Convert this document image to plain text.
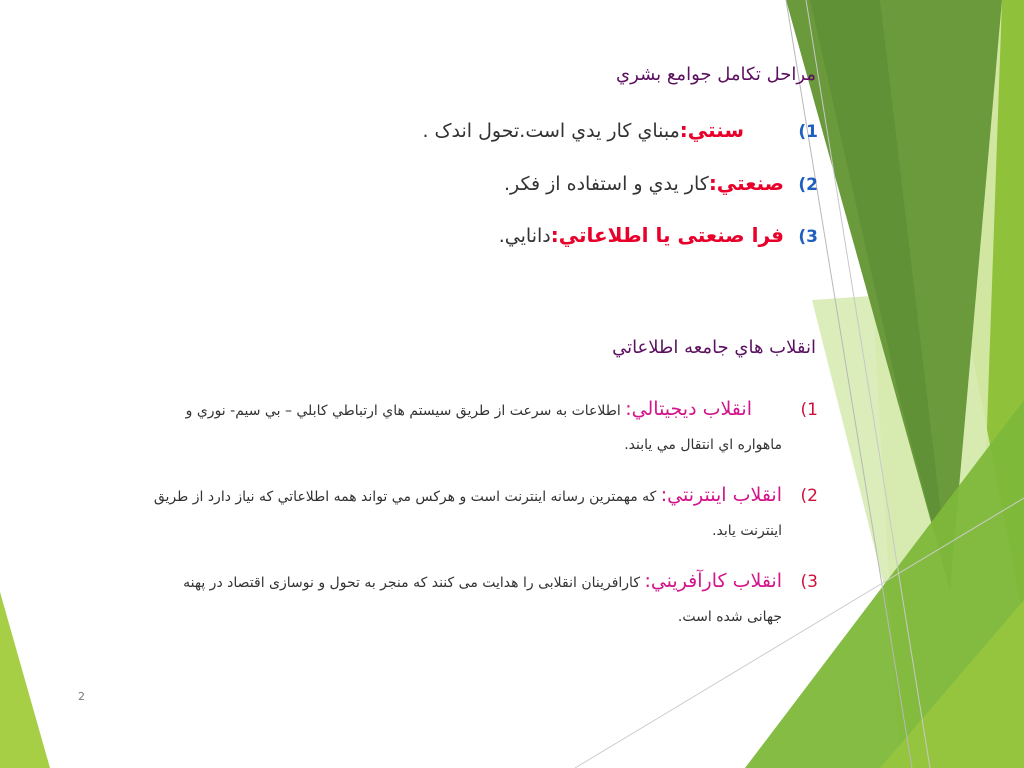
مراحل تكامل جوامع بشري
1)
سنتي:
مبناي كار يدي است.تحول اندک .
2)
صنعتي:
كار يدي و استفاده از فكر.
3)
فرا صنعتی یا اطلاعاتي:
دانايي.
انقلاب هاي جامعه اطلاعاتي
1)انقلاب ديجيتالي: اطلاعات به سرعت از طريق سيستم هاي ارتباطي كابلي – بي سيم- نوري و
ماهواره اي انتقال مي يابند.
2)انقلاب اينترنتي: كه مهمترين رسانه اينترنت است و هركس مي تواند همه اطلاعاتي كه نياز دارد از طريق
اينترنت يابد.
3)انقلاب كارآفريني: کارافرینان انقلابی را هدایت می کنند که منجر به تحول و نوسازی اقتصاد در پهنه
جهانی شده است.
2
